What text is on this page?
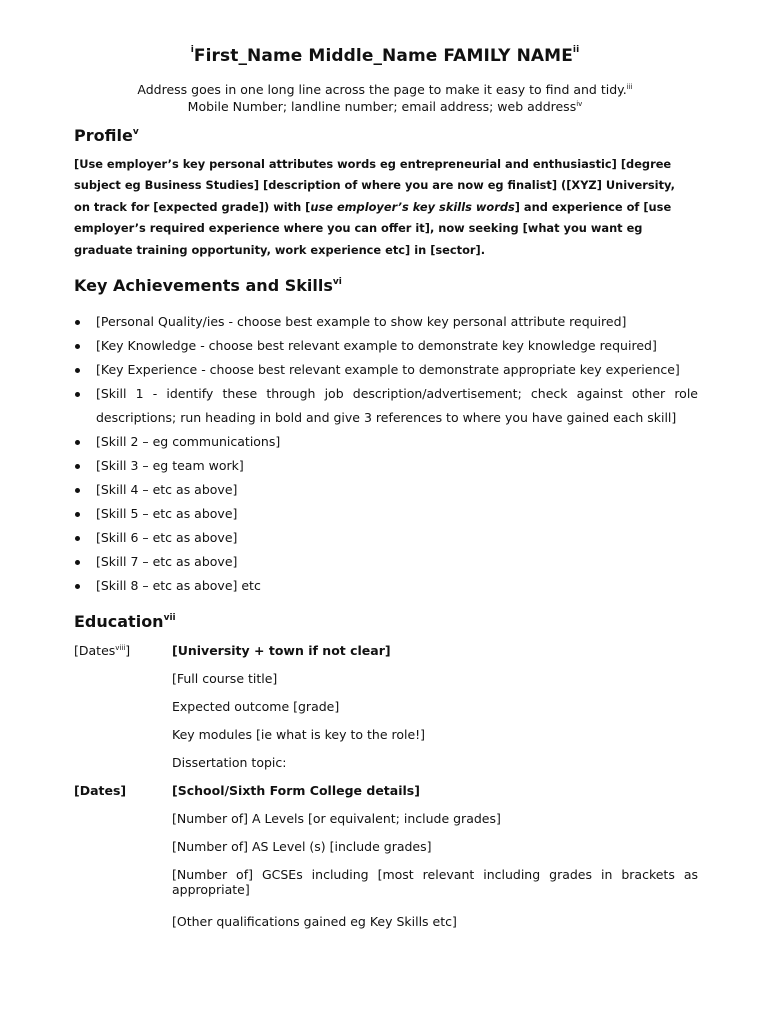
$^i$First_Name Middle_Name FAMILY NAME$^{ii}$
Address goes in one long line across the page to make it easy to find and tidy.$^{iii}$
Mobile Number; landline number; email address; web address$^{iv}$
Profile$^v$
[Use employer’s key personal attributes words eg entrepreneurial and enthusiastic] [degree subject eg Business Studies] [description of where you are now eg finalist] ([XYZ] University, on track for [expected grade]) with [use employer’s key skills words] and experience of [use employer’s required experience where you can offer it], now seeking [what you want eg graduate training opportunity, work experience etc] in [sector].
Key Achievements and Skills$^{vi}$
[Personal Quality/ies - choose best example to show key personal attribute required]
[Key Knowledge - choose best relevant example to demonstrate key knowledge required]
[Key Experience - choose best relevant example to demonstrate appropriate key experience]
[Skill 1 - identify these through job description/advertisement; check against other role descriptions; run heading in bold and give 3 references to where you have gained each skill]
[Skill 2 – eg communications]
[Skill 3 – eg team work]
[Skill 4 – etc as above]
[Skill 5 – etc as above]
[Skill 6 – etc as above]
[Skill 7 – etc as above]
[Skill 8 – etc as above] etc
Education$^{vii}$
[Dates$^{viii}$]	[University + town if not clear]
[Full course title]
Expected outcome [grade]
Key modules [ie what is key to the role!]
Dissertation topic:
[Dates]	[School/Sixth Form College details]
[Number of] A Levels [or equivalent; include grades]
[Number of] AS Level (s) [include grades]
[Number of] GCSEs including [most relevant including grades in brackets as appropriate]
[Other qualifications gained eg Key Skills etc]
